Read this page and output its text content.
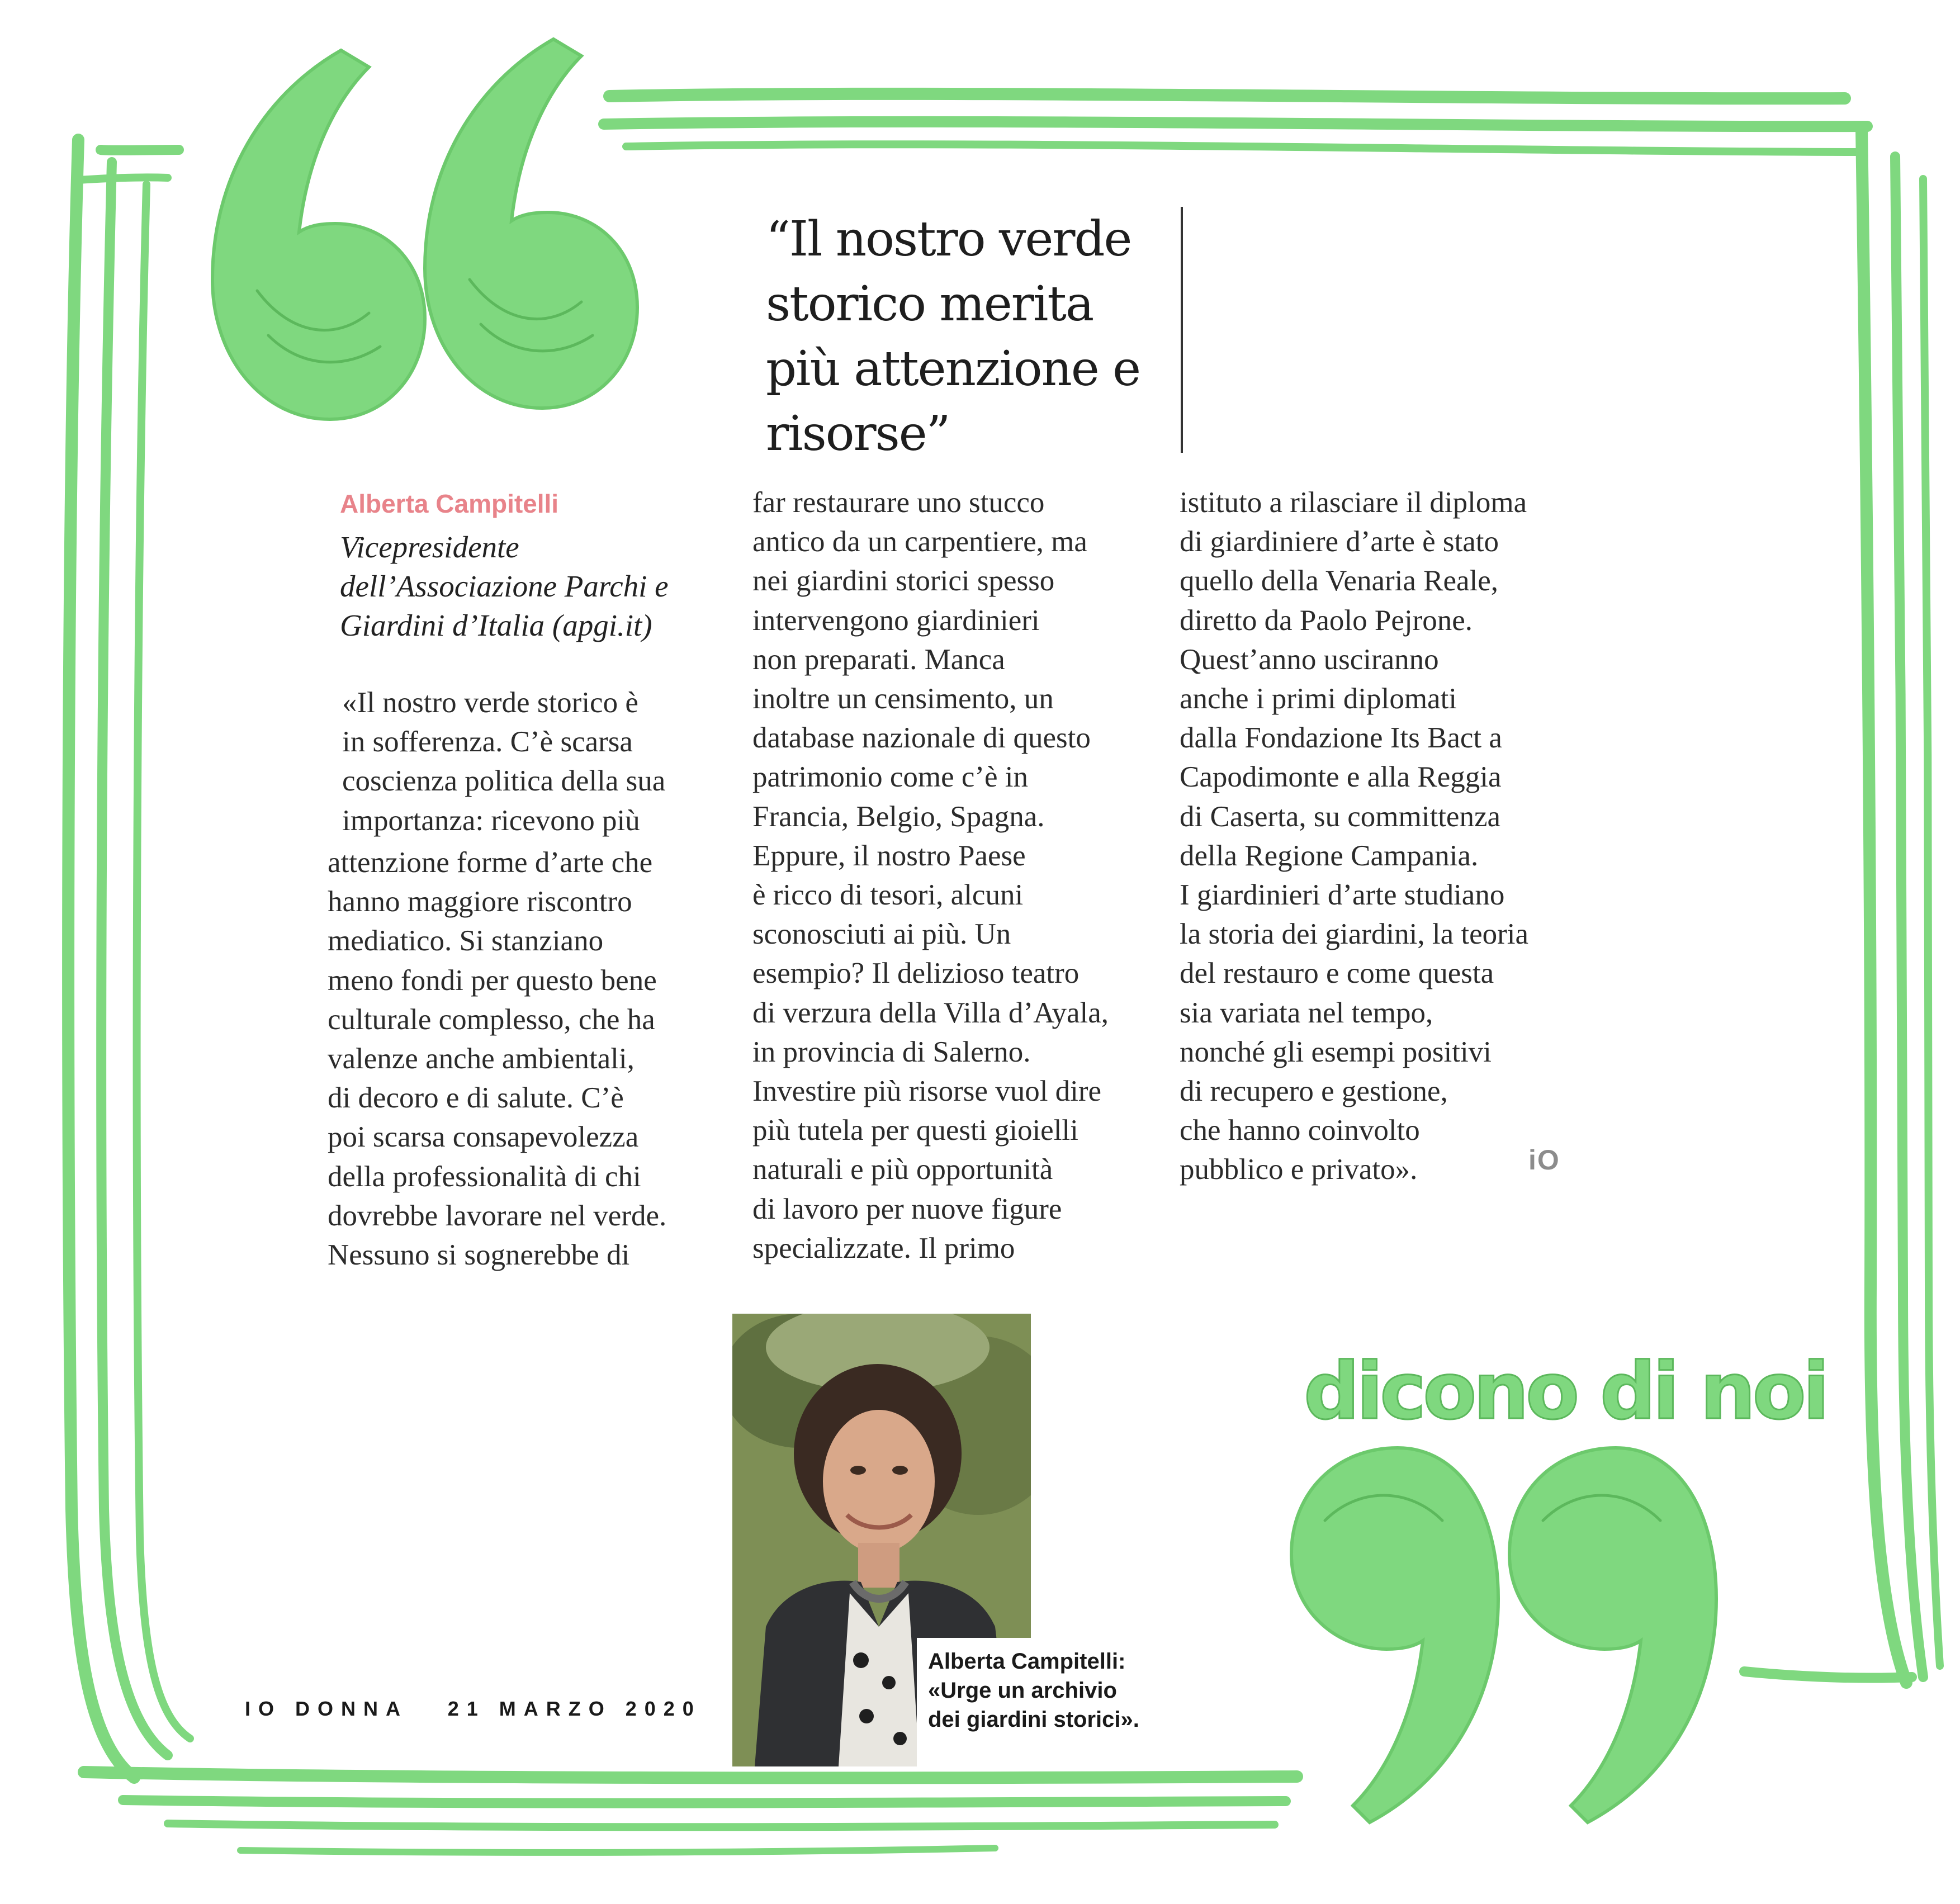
“Il nostro verde storico merita più attenzione e risorse”
Alberta Campitelli
Vicepresidente dell’Associazione Parchi e Giardini d’Italia (apgi.it)
«Il nostro verde storico è
in sofferenza. C’è scarsa
coscienza politica della sua
importanza: ricevono più
attenzione forme d’arte che
hanno maggiore riscontro
mediatico. Si stanziano
meno fondi per questo bene
culturale complesso, che ha
valenze anche ambientali,
di decoro e di salute. C’è
poi scarsa consapevolezza
della professionalità di chi
dovrebbe lavorare nel verde.
Nessuno si sognerebbe di
far restaurare uno stucco
antico da un carpentiere, ma
nei giardini storici spesso
intervengono giardinieri
non preparati. Manca
inoltre un censimento, un
database nazionale di questo
patrimonio come c’è in
Francia, Belgio, Spagna.
Eppure, il nostro Paese
è ricco di tesori, alcuni
sconosciuti ai più. Un
esempio? Il delizioso teatro
di verzura della Villa d’Ayala,
in provincia di Salerno.
Investire più risorse vuol dire
più tutela per questi gioielli
naturali e più opportunità
di lavoro per nuove figure
specializzate. Il primo
istituto a rilasciare il diploma
di giardiniere d’arte è stato
quello della Venaria Reale,
diretto da Paolo Pejrone.
Quest’anno usciranno
anche i primi diplomati
dalla Fondazione Its Bact a
Capodimonte e alla Reggia
di Caserta, su committenza
della Regione Campania.
I giardinieri d’arte studiano
la storia dei giardini, la teoria
del restauro e come questa
sia variata nel tempo,
nonché gli esempi positivi
di recupero e gestione,
che hanno coinvolto
pubblico e privato».	iO
Alberta Campitelli: «Urge un archivio dei giardini storici».
IO DONNA 21 MARZO 2020
dicono di noi
